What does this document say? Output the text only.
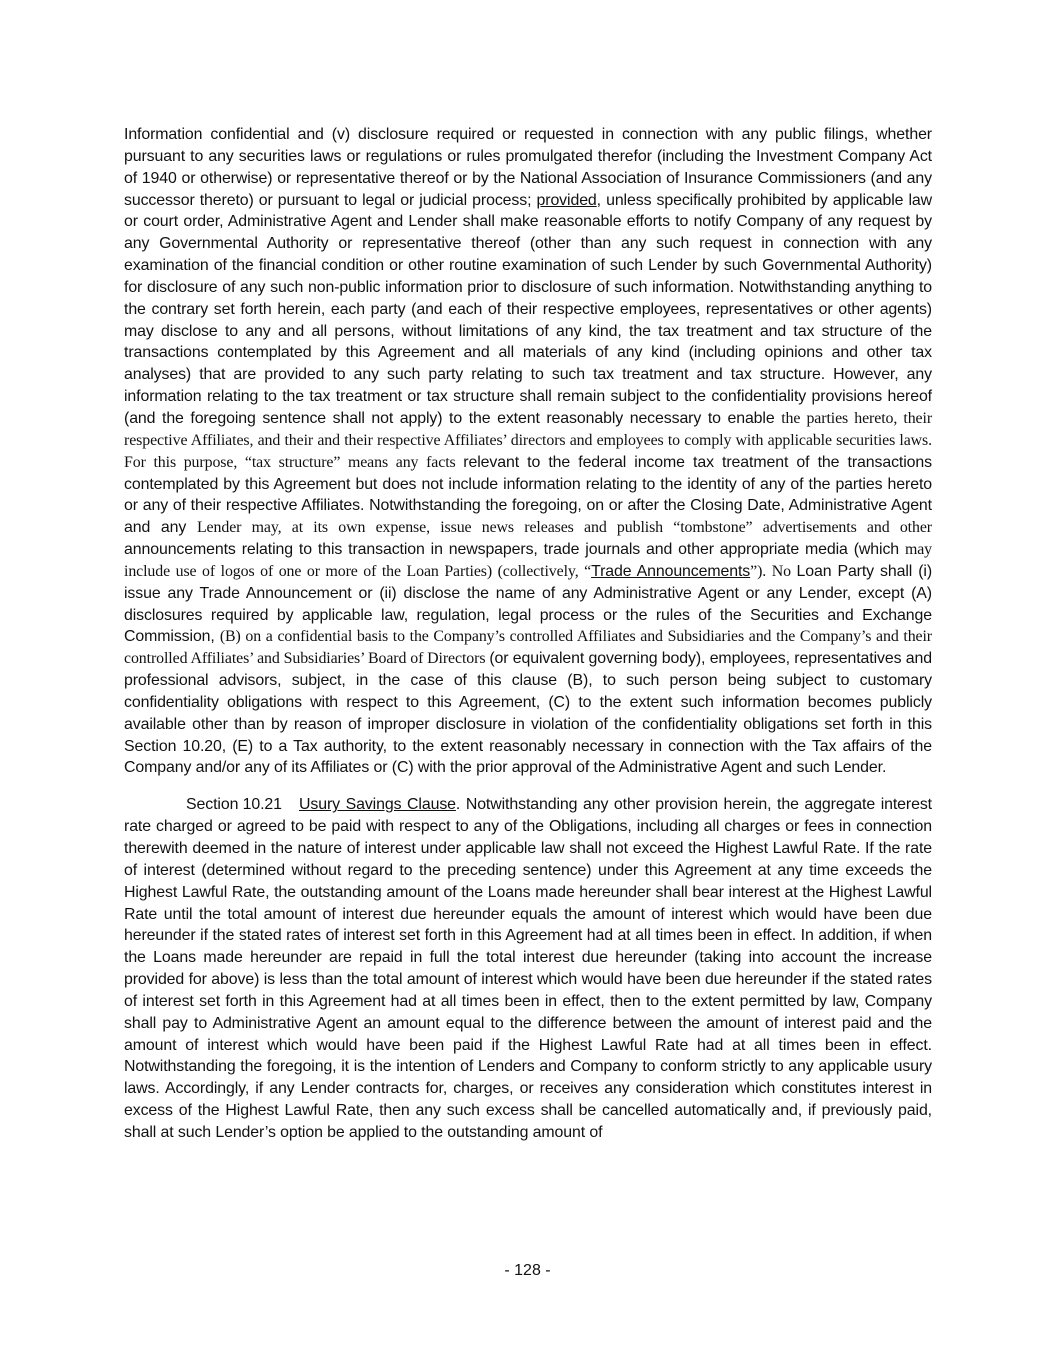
Information confidential and (v) disclosure required or requested in connection with any public filings, whether pursuant to any securities laws or regulations or rules promulgated therefor (including the Investment Company Act of 1940 or otherwise) or representative thereof or by the National Association of Insurance Commissioners (and any successor thereto) or pursuant to legal or judicial process; provided, unless specifically prohibited by applicable law or court order, Administrative Agent and Lender shall make reasonable efforts to notify Company of any request by any Governmental Authority or representative thereof (other than any such request in connection with any examination of the financial condition or other routine examination of such Lender by such Governmental Authority) for disclosure of any such non-public information prior to disclosure of such information. Notwithstanding anything to the contrary set forth herein, each party (and each of their respective employees, representatives or other agents) may disclose to any and all persons, without limitations of any kind, the tax treatment and tax structure of the transactions contemplated by this Agreement and all materials of any kind (including opinions and other tax analyses) that are provided to any such party relating to such tax treatment and tax structure. However, any information relating to the tax treatment or tax structure shall remain subject to the confidentiality provisions hereof (and the foregoing sentence shall not apply) to the extent reasonably necessary to enable the parties hereto, their respective Affiliates, and their and their respective Affiliates’ directors and employees to comply with applicable securities laws. For this purpose, “tax structure” means any facts relevant to the federal income tax treatment of the transactions contemplated by this Agreement but does not include information relating to the identity of any of the parties hereto or any of their respective Affiliates. Notwithstanding the foregoing, on or after the Closing Date, Administrative Agent and any Lender may, at its own expense, issue news releases and publish “tombstone” advertisements and other announcements relating to this transaction in newspapers, trade journals and other appropriate media (which may include use of logos of one or more of the Loan Parties) (collectively, “Trade Announcements”). No Loan Party shall (i) issue any Trade Announcement or (ii) disclose the name of any Administrative Agent or any Lender, except (A) disclosures required by applicable law, regulation, legal process or the rules of the Securities and Exchange Commission, (B) on a confidential basis to the Company’s controlled Affiliates and Subsidiaries and the Company’s and their controlled Affiliates’ and Subsidiaries’ Board of Directors (or equivalent governing body), employees, representatives and professional advisors, subject, in the case of this clause (B), to such person being subject to customary confidentiality obligations with respect to this Agreement, (C) to the extent such information becomes publicly available other than by reason of improper disclosure in violation of the confidentiality obligations set forth in this Section 10.20, (E) to a Tax authority, to the extent reasonably necessary in connection with the Tax affairs of the Company and/or any of its Affiliates or (C) with the prior approval of the Administrative Agent and such Lender.

Section 10.21 Usury Savings Clause. Notwithstanding any other provision herein, the aggregate interest rate charged or agreed to be paid with respect to any of the Obligations, including all charges or fees in connection therewith deemed in the nature of interest under applicable law shall not exceed the Highest Lawful Rate. If the rate of interest (determined without regard to the preceding sentence) under this Agreement at any time exceeds the Highest Lawful Rate, the outstanding amount of the Loans made hereunder shall bear interest at the Highest Lawful Rate until the total amount of interest due hereunder equals the amount of interest which would have been due hereunder if the stated rates of interest set forth in this Agreement had at all times been in effect. In addition, if when the Loans made hereunder are repaid in full the total interest due hereunder (taking into account the increase provided for above) is less than the total amount of interest which would have been due hereunder if the stated rates of interest set forth in this Agreement had at all times been in effect, then to the extent permitted by law, Company shall pay to Administrative Agent an amount equal to the difference between the amount of interest paid and the amount of interest which would have been paid if the Highest Lawful Rate had at all times been in effect. Notwithstanding the foregoing, it is the intention of Lenders and Company to conform strictly to any applicable usury laws. Accordingly, if any Lender contracts for, charges, or receives any consideration which constitutes interest in excess of the Highest Lawful Rate, then any such excess shall be cancelled automatically and, if previously paid, shall at such Lender’s option be applied to the outstanding amount of

- 128 -
